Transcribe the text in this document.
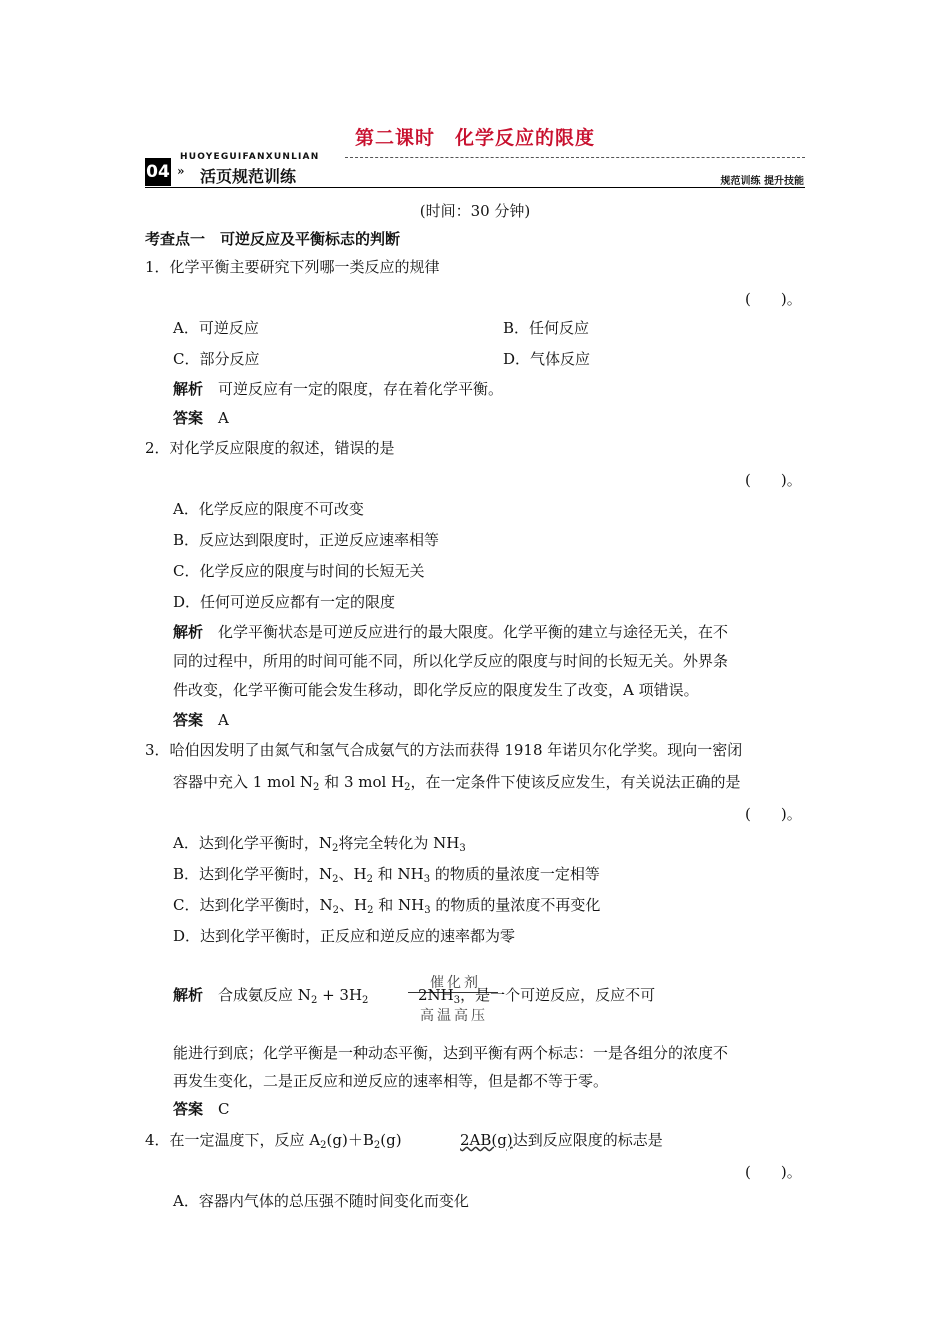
第二课时　化学反应的限度
HUOYEGUIFANXUNLIAN
04 » 活页规范训练	规范训练 提升技能
(时间：30 分钟)
考查点一　可逆反应及平衡标志的判断
1．化学平衡主要研究下列哪一类反应的规律
(　　)。
A．可逆反应	B．任何反应
C．部分反应	D．气体反应
解析　 可逆反应有一定的限度，存在着化学平衡。
答案　 A
2．对化学反应限度的叙述，错误的是
(　　)。
A．化学反应的限度不可改变
B．反应达到限度时，正逆反应速率相等
C．化学反应的限度与时间的长短无关
D．任何可逆反应都有一定的限度
解析　 化学平衡状态是可逆反应进行的最大限度。化学平衡的建立与途径无关，在不
同的过程中，所用的时间可能不同，所以化学反应的限度与时间的长短无关。外界条
件改变，化学平衡可能会发生移动，即化学反应的限度发生了改变，A 项错误。
答案　 A
3．哈伯因发明了由氮气和氢气合成氨气的方法而获得 1918 年诺贝尔化学奖。现向一密闭
容器中充入 1 mol $N_2$ 和 3 mol $H_2$，在一定条件下使该反应发生，有关说法正确的是
(　　)。
A．达到化学平衡时，$N_2$将完全转化为 $NH_3$
B．达到化学平衡时，$N_2$、$H_2$ 和 $NH_3$ 的物质的量浓度一定相等
C．达到化学平衡时，$N_2$、$H_2$ 和 $NH_3$ 的物质的量浓度不再变化
D．达到化学平衡时，正反应和逆反应的速率都为零
解析　 合成氨反应 $N_2 + 3H_2$
催化剂
$2NH_3$，是一个可逆反应，反应不可
高温高压
能进行到底；化学平衡是一种动态平衡，达到平衡有两个标志：一是各组分的浓度不
再发生变化，二是正反应和逆反应的速率相等，但是都不等于零。
答案　 C
4．在一定温度下，反应 $A_2(g)+B_2(g)$	2AB(g)达到反应限度的标志是
(　　)。
A．容器内气体的总压强不随时间变化而变化
